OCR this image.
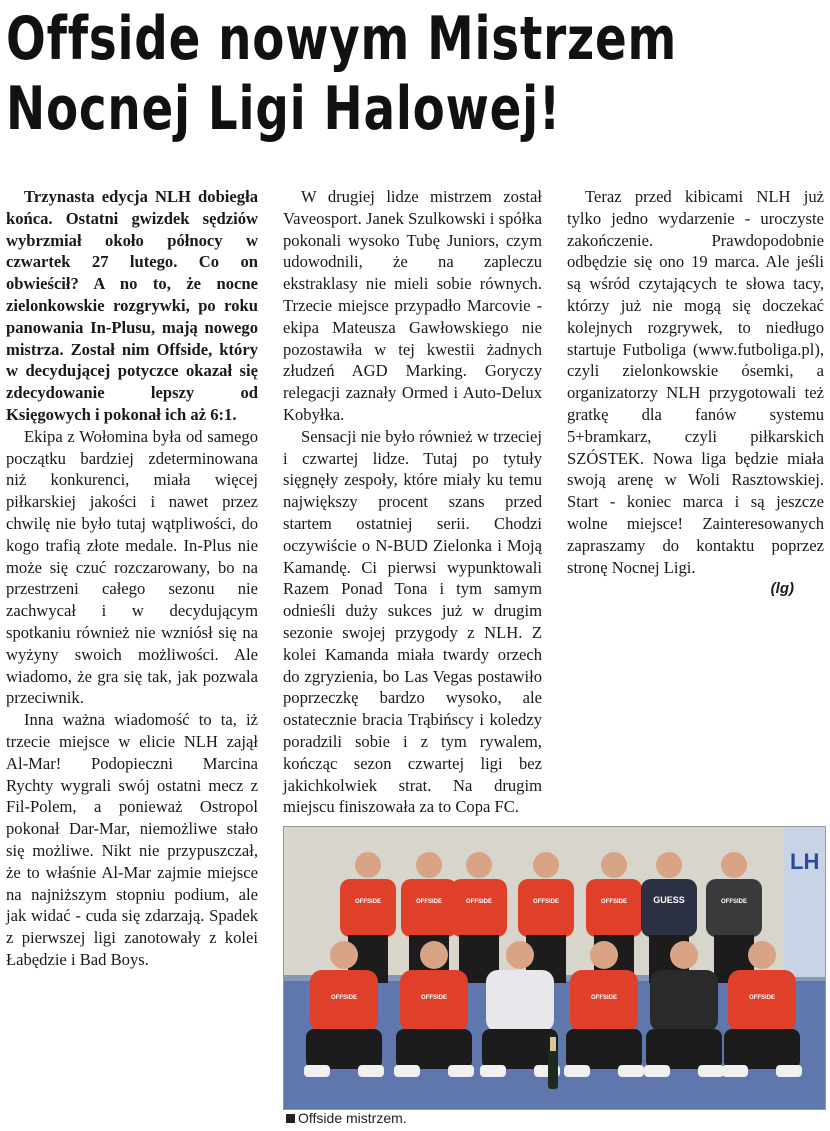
Offside nowym Mistrzem
Nocnej Ligi Halowej!

Trzynasta edycja NLH dobiegła końca. Ostatni gwizdek sędziów wybrzmiał około północy w czwartek 27 lutego. Co on obwieścił? A no to, że nocne zielonkowskie rozgrywki, po roku panowania In-Plusu, mają nowego mistrza. Został nim Offside, który w decydującej potyczce okazał się zdecydowanie lepszy od Księgowych i pokonał ich aż 6:1.

Ekipa z Wołomina była od samego początku bardziej zdeterminowana niż konkurenci, miała więcej piłkarskiej jakości i nawet przez chwilę nie było tutaj wątpliwości, do kogo trafią złote medale. In-Plus nie może się czuć rozczarowany, bo na przestrzeni całego sezonu nie zachwycał i w decydującym spotkaniu również nie wzniósł się na wyżyny swoich możliwości. Ale wiadomo, że gra się tak, jak pozwala przeciwnik.

Inna ważna wiadomość to ta, iż trzecie miejsce w elicie NLH zajął Al-Mar! Podopieczni Marcina Rychty wygrali swój ostatni mecz z Fil-Polem, a ponieważ Ostropol pokonał Dar-Mar, niemożliwe stało się możliwe. Nikt nie przypuszczał, że to właśnie Al-Mar zajmie miejsce na najniższym stopniu podium, ale jak widać - cuda się zdarzają. Spadek z pierwszej ligi zanotowały z kolei Łabędzie i Bad Boys.

W drugiej lidze mistrzem został Vaveosport. Janek Szulkowski i spółka pokonali wysoko Tubę Juniors, czym udowodnili, że na zapleczu ekstraklasy nie mieli sobie równych. Trzecie miejsce przypadło Marcovie - ekipa Mateusza Gawłowskiego nie pozostawiła w tej kwestii żadnych złudzeń AGD Marking. Goryczy relegacji zaznały Ormed i Auto-Delux Kobyłka.

Sensacji nie było również w trzeciej i czwartej lidze. Tutaj po tytuły sięgnęły zespoły, które miały ku temu największy procent szans przed startem ostatniej serii. Chodzi oczywiście o N-BUD Zielonka i Moją Kamandę. Ci pierwsi wypunktowali Razem Ponad Tona i tym samym odnieśli duży sukces już w drugim sezonie swojej przygody z NLH. Z kolei Kamanda miała twardy orzech do zgryzienia, bo Las Vegas postawiło poprzeczkę bardzo wysoko, ale ostatecznie bracia Trąbińscy i koledzy poradzili sobie i z tym rywalem, kończąc sezon czwartej ligi bez jakichkolwiek strat. Na drugim miejscu finiszowała za to Copa FC.

Teraz przed kibicami NLH już tylko jedno wydarzenie - uroczyste zakończenie. Prawdopodobnie odbędzie się ono 19 marca. Ale jeśli są wśród czytających te słowa tacy, którzy już nie mogą się doczekać kolejnych rozgrywek, to niedługo startuje Futboliga (www.futboliga.pl), czyli zielonkowskie ósemki, a organizatorzy NLH przygotowali też gratkę dla fanów systemu 5+bramkarz, czyli piłkarskich SZÓSTEK. Nowa liga będzie miała swoją arenę w Woli Rasztowskiej. Start - koniec marca i są jeszcze wolne miejsce! Zainteresowanych zapraszamy do kontaktu poprzez stronę Nocnej Ligi.

(lg)

LH
OFFSIDE	OFFSIDE	OFFSIDE	OFFSIDE	OFFSIDE	GUESS	OFFSIDE
OFFSIDE	OFFSIDE	OFFSIDE	OFFSIDE
Offside mistrzem.
